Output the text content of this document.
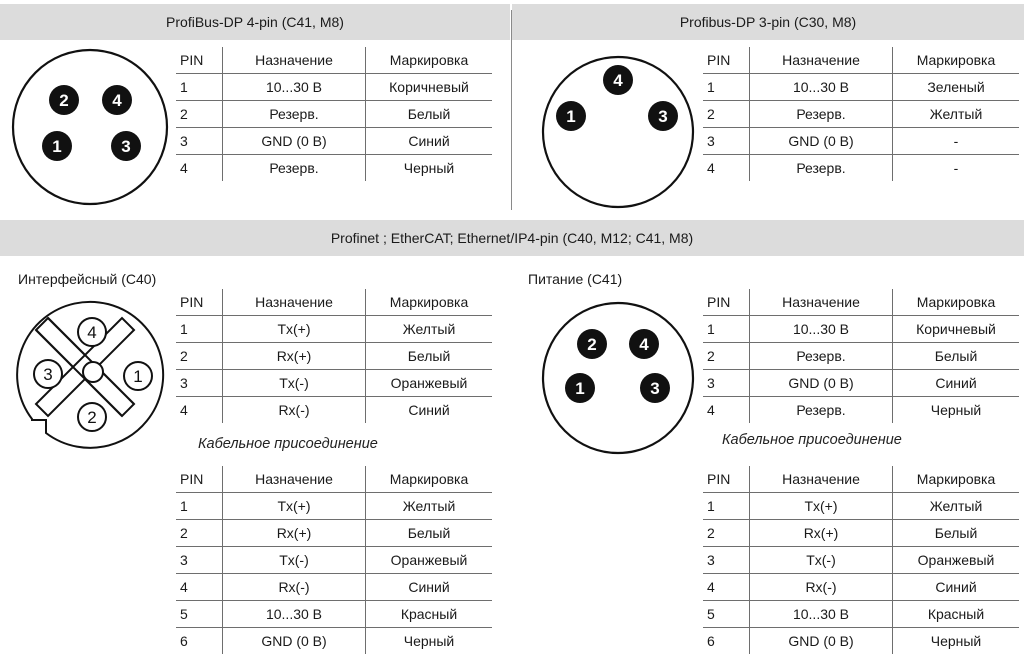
ProfiBus-DP 4-pin (C41, M8)	Profibus-DP 3-pin (C30, M8)
2	4
1	3
4
1	3
PIN	Назначение	Маркировка
1	10...30 В	Коричневый
2	Резерв.	Белый
3	GND (0 В)	Синий
4	Резерв.	Черный
PIN	Назначение	Маркировка
1	10...30 В	Зеленый
2	Резерв.	Желтый
3	GND (0 В)	-
4	Резерв.	-
Profinet ; EtherCAT; Ethernet/IP4-pin (C40, M12; C41, M8)
Интерфейсный (C40)	Питание (C41)
4
3	1
2
2	4
1	3
PIN	Назначение	Маркировка
1	Tx(+)	Желтый
2	Rx(+)	Белый
3	Tx(-)	Оранжевый
4	Rx(-)	Синий
PIN	Назначение	Маркировка
1	10...30 В	Коричневый
2	Резерв.	Белый
3	GND (0 В)	Синий
4	Резерв.	Черный
Кабельное присоединение	Кабельное присоединение
PIN	Назначение	Маркировка
1	Tx(+)	Желтый
2	Rx(+)	Белый
3	Tx(-)	Оранжевый
4	Rx(-)	Синий
5	10...30 В	Красный
6	GND (0 В)	Черный
PIN	Назначение	Маркировка
1	Tx(+)	Желтый
2	Rx(+)	Белый
3	Tx(-)	Оранжевый
4	Rx(-)	Синий
5	10...30 В	Красный
6	GND (0 В)	Черный
